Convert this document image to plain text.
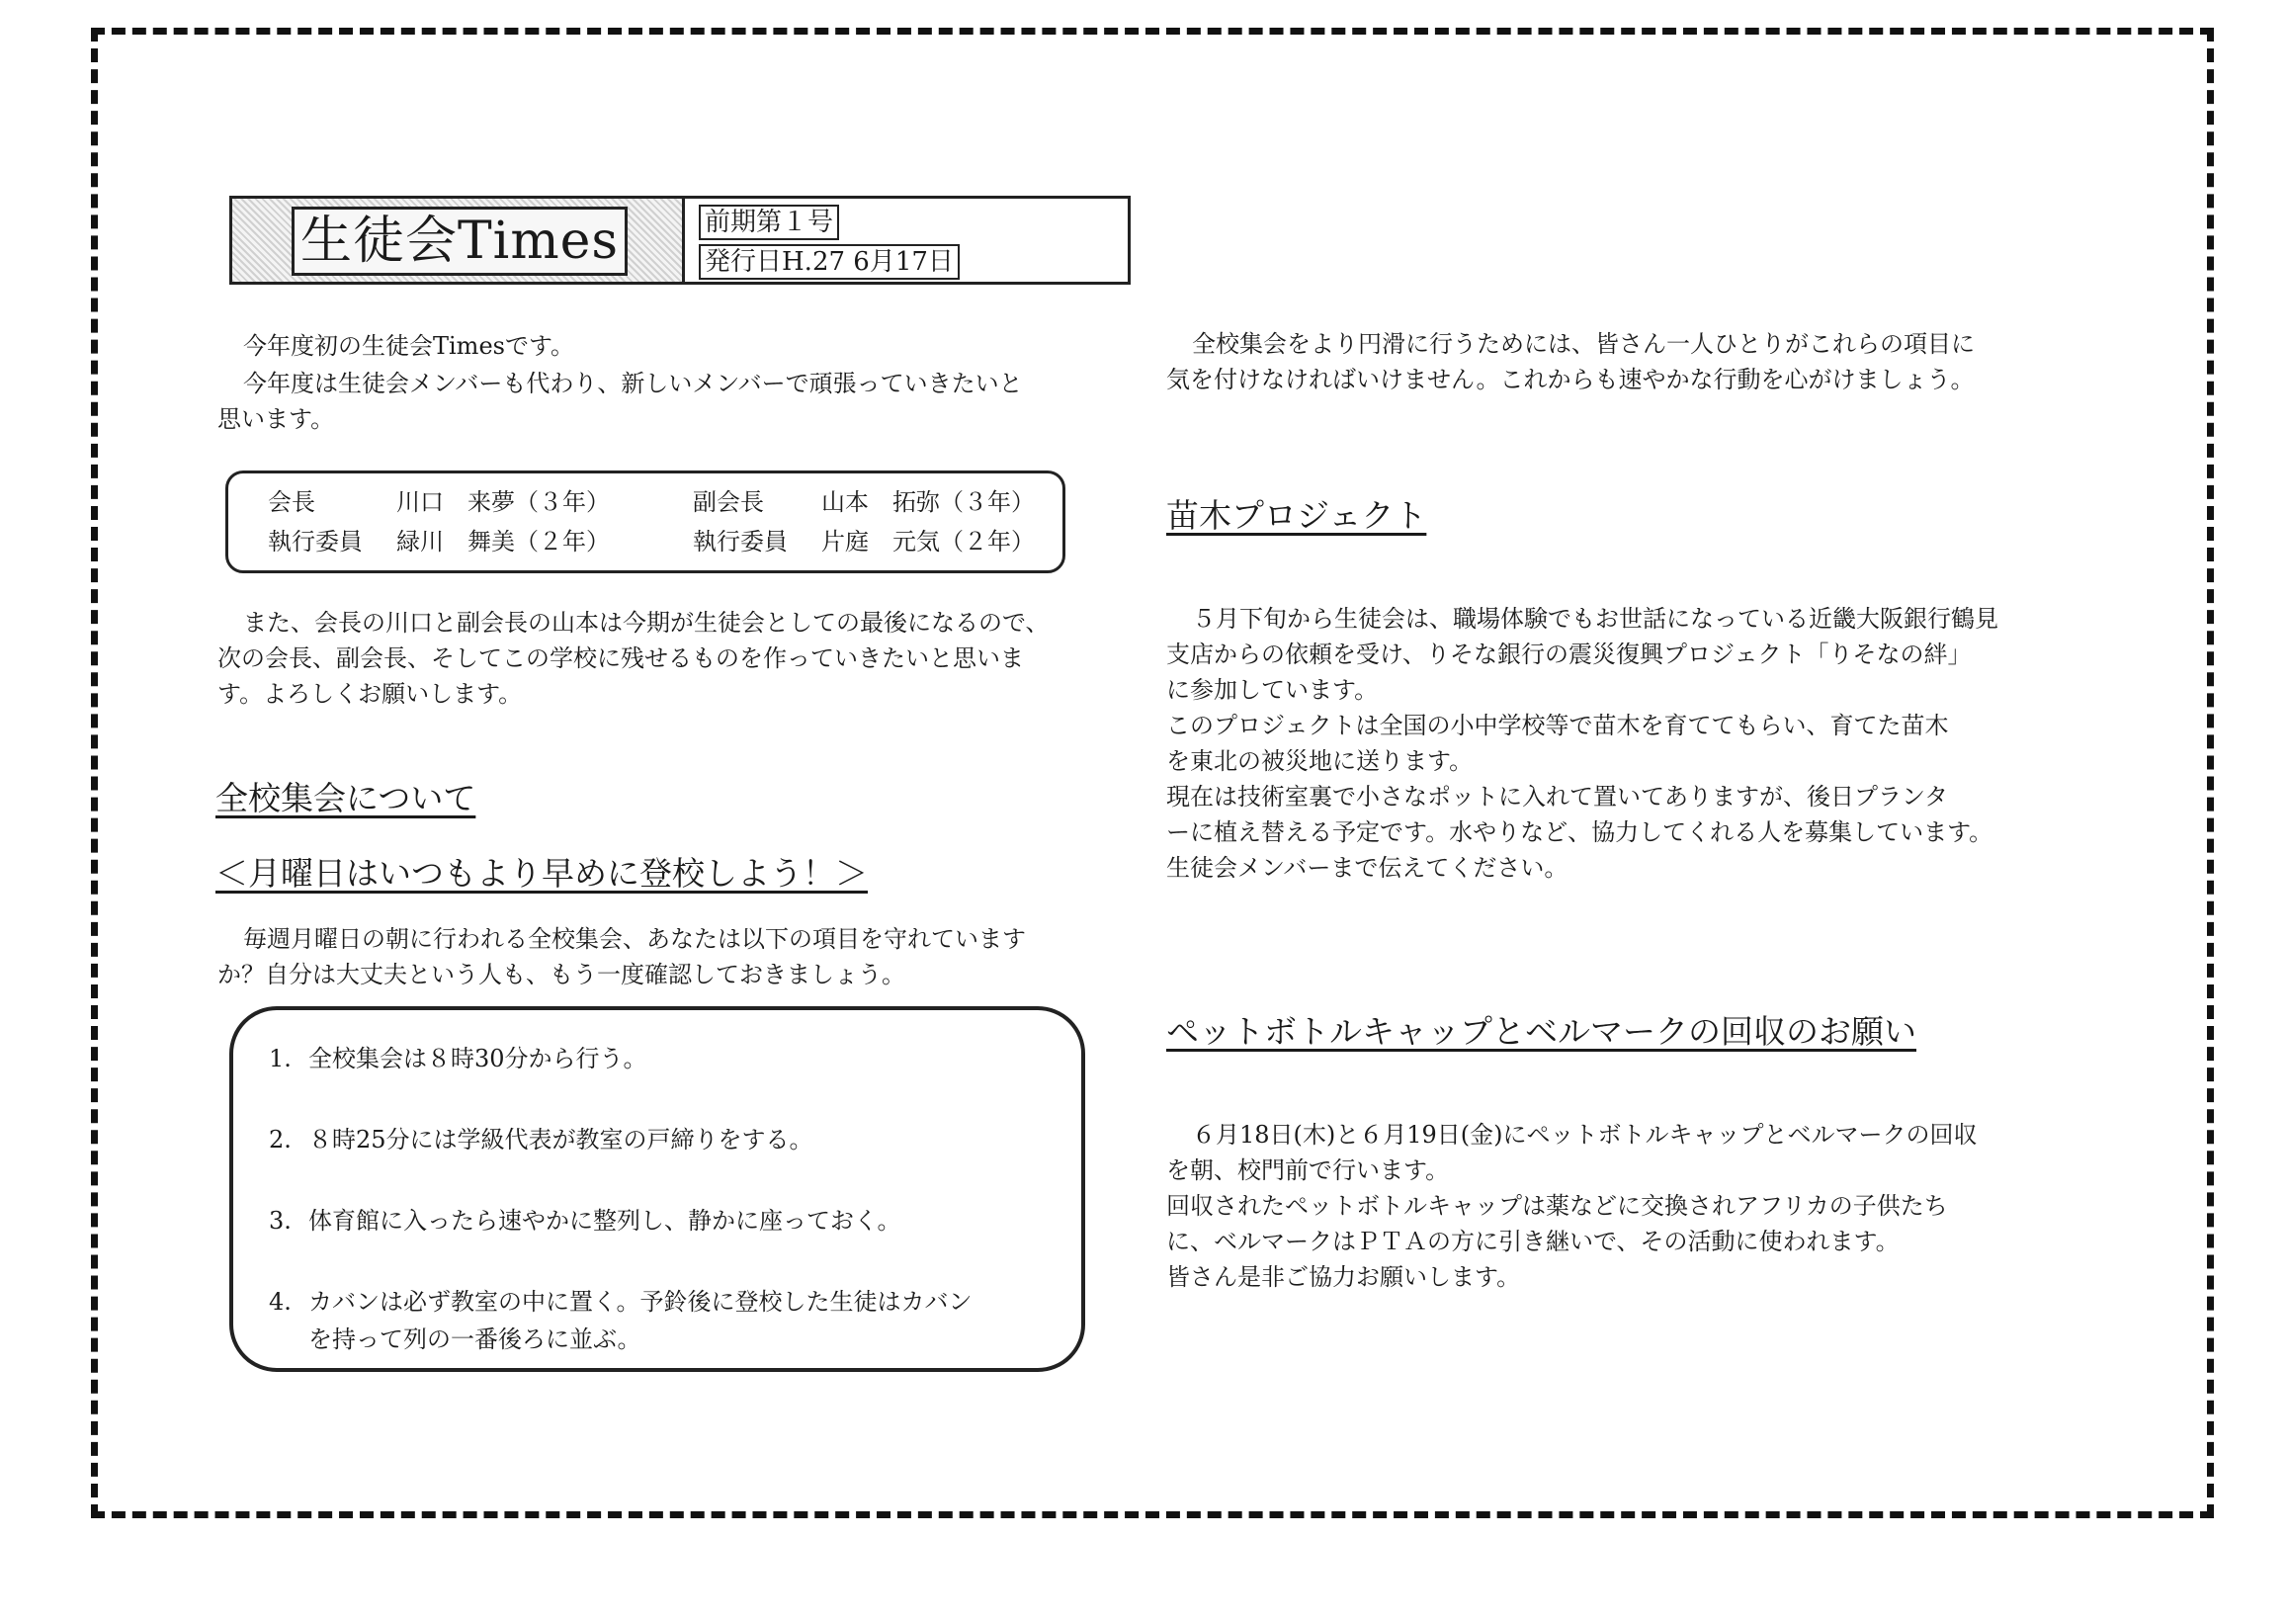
生徒会Times	前期第１号
発行日H.27 6月17日

今年度初の生徒会Timesです。

今年度は生徒会メンバーも代わり、新しいメンバーで頑張っていきたいと
思います。

会長	川口　来夢（３年）	副会長 山本　拓弥（３年）
執行委員 緑川　舞美（２年）	執行委員 片庭　元気（２年）

また、会長の川口と副会長の山本は今期が生徒会としての最後になるので、
次の会長、副会長、そしてこの学校に残せるものを作っていきたいと思いま
す。よろしくお願いします。

全校集会について
＜月曜日はいつもより早めに登校しよう！＞

毎週月曜日の朝に行われる全校集会、あなたは以下の項目を守れています
か？自分は大丈夫という人も、もう一度確認しておきましょう。

1. 全校集会は８時30分から行う。
2. ８時25分には学級代表が教室の戸締りをする。
3. 体育館に入ったら速やかに整列し、静かに座っておく。
4. カバンは必ず教室の中に置く。予鈴後に登校した生徒はカバン
を持って列の一番後ろに並ぶ。

全校集会をより円滑に行うためには、皆さん一人ひとりがこれらの項目に
気を付けなければいけません。これからも速やかな行動を心がけましょう。

苗木プロジェクト

５月下旬から生徒会は、職場体験でもお世話になっている近畿大阪銀行鶴見
支店からの依頼を受け、りそな銀行の震災復興プロジェクト「りそなの絆」
に参加しています。
このプロジェクトは全国の小中学校等で苗木を育ててもらい、育てた苗木
を東北の被災地に送ります。
現在は技術室裏で小さなポットに入れて置いてありますが、後日プランタ
ーに植え替える予定です。水やりなど、協力してくれる人を募集しています。
生徒会メンバーまで伝えてください。

ペットボトルキャップとベルマークの回収のお願い

６月18日(木)と６月19日(金)にペットボトルキャップとベルマークの回収
を朝、校門前で行います。
回収されたペットボトルキャップは薬などに交換されアフリカの子供たち
に、ベルマークはＰＴＡの方に引き継いで、その活動に使われます。
皆さん是非ご協力お願いします。
